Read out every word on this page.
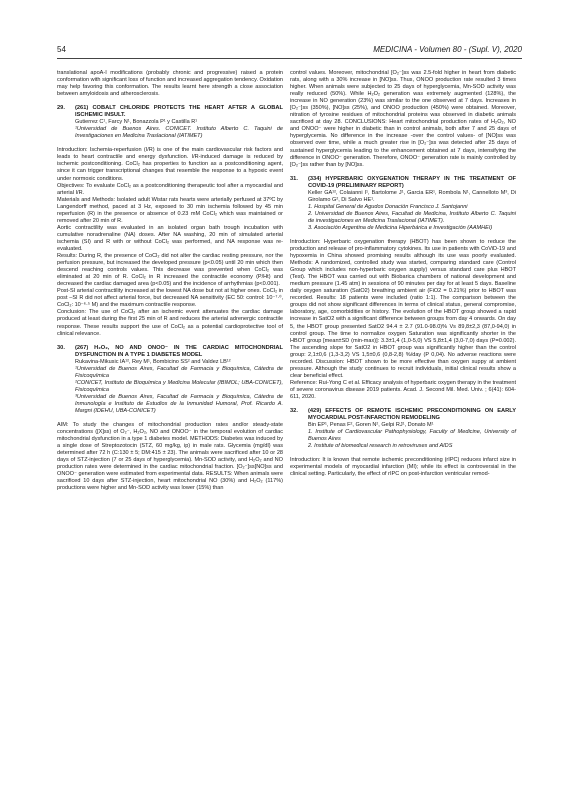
54	MEDICINA - Volumen 80 - (Supl. V), 2020

translational apoA-I modifications (probably chronic and progressive) raised a protein conformation with significant loss of function and increased aggregation tendency. Oxidation may help favoring this conformation. The results learnt here strength a close association between amyloidosis and atherosclerosis.

29.	(261) COBALT CHLORIDE PROTECTS THE HEART AFTER A GLOBAL ISCHEMIC INSULT.

Gutierrez C¹, Farcy N¹, Bonazzola P¹ y Castilla R¹

¹Universidad de Buenos Aires. CONICET. Instituto Alberto C. Taquini de Investigaciones en Medicina Traslacional (IATIMET)

Introduction: Ischemia-reperfusion (I/R) is one of the main cardiovascular risk factors and leads to heart contractile and energy dysfunction. I/R-induced damage is reduced by ischemic postconditioning. CoCl₂ has properties to function as a postconditioning agent, since it can trigger transcriptional changes that resemble the response to a hypoxic event under normoxic conditions.

Objectives: To evaluate CoCl₂ as a postconditioning therapeutic tool after a myocardial and arterial I/R.

Materials and Methods: Isolated adult Wistar rats hearts were arterially perfused at 37ºC by Langendorff method, paced at 3 Hz, exposed to 30 min ischemia followed by 45 min reperfusion (R) in the presence or absence of 0.23 mM CoCl₂ which was maintained or removed after 20 min of R.

Aortic contractility was evaluated in an isolated organ bath trough incubation with cumulative noradrenaline (NA) doses. After NA washing, 20 min of simulated arterial ischemia (SI) and R with or without CoCl₂ was performed, and NA response was re-evaluated.

Results: During R, the presence of CoCl₂ did not alter the cardiac resting pressure, nor the perfusion pressure, but increased the developed pressure (p<0.05) until 20 min which then descend reaching controls values. This decrease was prevented when CoCl₂ was eliminated at 20 min of R. CoCl₂ in R increased the contractile economy (P/Ht) and decreased the cardiac damaged area (p<0.05) and the incidence of arrhythmias (p<0.001).

Post-SI arterial contractility increased at the lowest NA dose but not at higher ones. CoCl₂ in post –SI R did not affect arterial force, but decreased NA sensitivity (EC 50: control: 10⁻⁷·⁰, CoCl₂: 10⁻⁶·⁵ M) and the maximum contractile response.

Conclusion: The use of CoCl₂ after an ischemic event attenuates the cardiac damage produced at least during the first 25 min of R and reduces the arterial adrenergic contractile response. These results support the use of CoCl₂ as a potential cardioprotective tool of clinical relevance.

30.	(267) H₂O₂, NO AND ONOO⁻ IN THE CARDIAC MITOCHONDRIAL DYSFUNCTION IN A TYPE 1 DIABETES MODEL

Rukavina-Mikusic IA¹², Rey M¹, Bombicino SS² and Valdez LB¹²

¹Universidad de Buenos Aires, Facultad de Farmacia y Bioquímica, Cátedra de Fisicoquímica

²CONICET, Instituto de Bioquímica y Medicina Molecular (IBIMOL; UBA-CONICET), Fisicoquímica

³Universidad de Buenos Aires, Facultad de Farmacia y Bioquímica, Cátedra de Inmunología e Instituto de Estudios de la Inmunidad Humoral, Prof. Ricardo A. Margni (IDEHU, UBA-CONICET)

AIM: To study the changes of mitochondrial production rates and/or steady-state concentrations ([X]ss) of O₂⁻, H₂O₂, NO and ONOO⁻ in the temporal evolution of cardiac mitochondrial dysfunction in a type 1 diabetes model. METHODS: Diabetes was induced by a single dose of Streptozotocin (STZ, 60 mg/kg, ip) in male rats. Glycemia (mg/dl) was determined after 72 h (C:130 ± 5; DM:415 ± 23). The animals were sacrificed after 10 or 28 days of STZ-injection (7 or 25 days of hyperglycemia). Mn-SOD activity, and H₂O₂ and NO production rates were determined in the cardiac mitochondrial fraction. [O₂⁻]ss[NO]ss and ONOO⁻ generation were estimated from experimental data. RESULTS: When animals were sacrificed 10 days after STZ-injection, heart mitochondrial NO (30%) and H₂O₂ (117%) productions were higher and Mn-SOD activity was lower (15%) than

control values. Moreover, mitochondrial [O₂⁻]ss was 2.5-fold higher in heart from diabetic rats, along with a 30% increase in [NO]ss. Thus, ONOO production rate resulted 3 times higher. When animals were subjected to 25 days of hyperglycemia, Mn-SOD activity was really reduced (50%). While H₂O₂ generation was extremely augmented (128%), the increase in NO generation (23%) was similar to the one observed at 7 days. Increases in [O₂⁻]ss (350%), [NO]ss (25%), and ONOO production (450%) were obtained. Moreover, nitration of tyrosine residues of mitochondrial proteins was observed in diabetic animals sacrificed at day 28. CONCLUSIONS: Heart mitochondrial production rates of H₂O₂, NO and ONOO⁻ were higher in diabetic than in control animals, both after 7 and 25 days of hyperglycemia. No difference in the increase -over the control values- of [NO]ss was observed over time, while a much greater rise in [O₂⁻]ss was detected after 25 days of sustained hyperglycemia leading to the enhancement obtained at 7 days, intensifying the difference in ONOO⁻ generation. Therefore, ONOO⁻ generation rate is mainly controlled by [O₂⁻]ss rather than by [NO]ss.

31.	(334) HYPERBARIC OXYGENATION THERAPY IN THE TREATMENT OF COVID-19 (PRELIMINARY REPORT)

Keller GA¹², Colaianni I¹, Bartolome J¹, Garcia ER¹, Rombola N¹, Cannelloto M³, Di Girolamo G², Di Salvo HE¹.

1. Hospital General de Agudos Donación Francisco J. Santojanni

2. Universidad de Buenos Aires, Facultad de Medicina, Instituto Alberto C. Taquini de investigaciones en Medicina Traslacional (IATIMET).

3. Asociación Argentina de Medicina Hiperbárica e Investigación (AAMHEI)

Introduction: Hyperbaric oxygenation therapy (HBOT) has been shown to reduce the production and release of pro-inflammatory cytokines. Its use in patients with CoViD-19 and hypoxemia in China showed promising results although its use was poorly evaluated. Methods: A randomized, controlled study was started, comparing standard care (Control Group which includes non-hyperbaric oxygen supply) versus standard care plus HBOT (Test). The HBOT was carried out with Biobarica chambers of national development and medium pressure (1.45 atm) in sessions of 90 minutes per day for at least 5 days. Baseline daily oxygen saturation (SatO2) breathing ambient air (FiO2 = 0.21%) prior to HBOT was recorded. Results: 18 patients were included (ratio 1:1). The comparison between the groups did not show significant differences in terms of clinical status, general compromise, laboratory, age, comorbidities or history. The evolution of the HBOT group showed a rapid increase in SatO2 with a significant difference between groups from day 4 onwards. On day 5, the HBOT group presented SatO2 94.4 ± 2.7 (91.0-98.0)% Vs 89,8±2,3 (87,0-94,0) in control group. The time to normalize oxygen Saturation was significantly shorter in the HBOT group [mean±SD (min-max)]: 3.3±1,4 (1,0-5,0) VS 5,8±1,4 (3,0-7,0) days (P=0.002). The ascending slope for SatO2 in HBOT group was significantly higher than the control group: 2,1±0,6 (1,3-3,2) VS 1,5±0,6 (0,8-2,8) %/day (P 0,04). No adverse reactions were recorded. Discussion: HBOT shown to be more effective than oxygen suppy at ambient pressure. Although the study continues to recruit individuals, initial clinical results show a clear beneficial effect.

Reference: Rui-Yong C et al. Efficacy analysis of hyperbaric oxygen therapy in the treatment of severe coronavirus disease 2019 patients. Acad. J. Second Mil. Med. Univ. ; 6(41): 604-611, 2020.

32.	(429) EFFECTS OF REMOTE ISCHEMIC PRECONDITIONING ON EARLY MYOCARDIAL POST-INFARCTION REMODELING

Bin EP¹, Penas F², Goren N², Gelpi RJ¹, Donato M¹

1. Institute of Cardiovascular Pathophysiology, Faculty of Medicine, University of Buenos Aires

2. Institute of biomedical research in retroviruses and AIDS

Introduction: It is known that remote ischemic preconditioning (rIPC) reduces infarct size in experimental models of myocardial infarction (MI); while its effect is controversial in the clinical setting. Particularly, the effect of rIPC on post-infarction ventricular remod-
